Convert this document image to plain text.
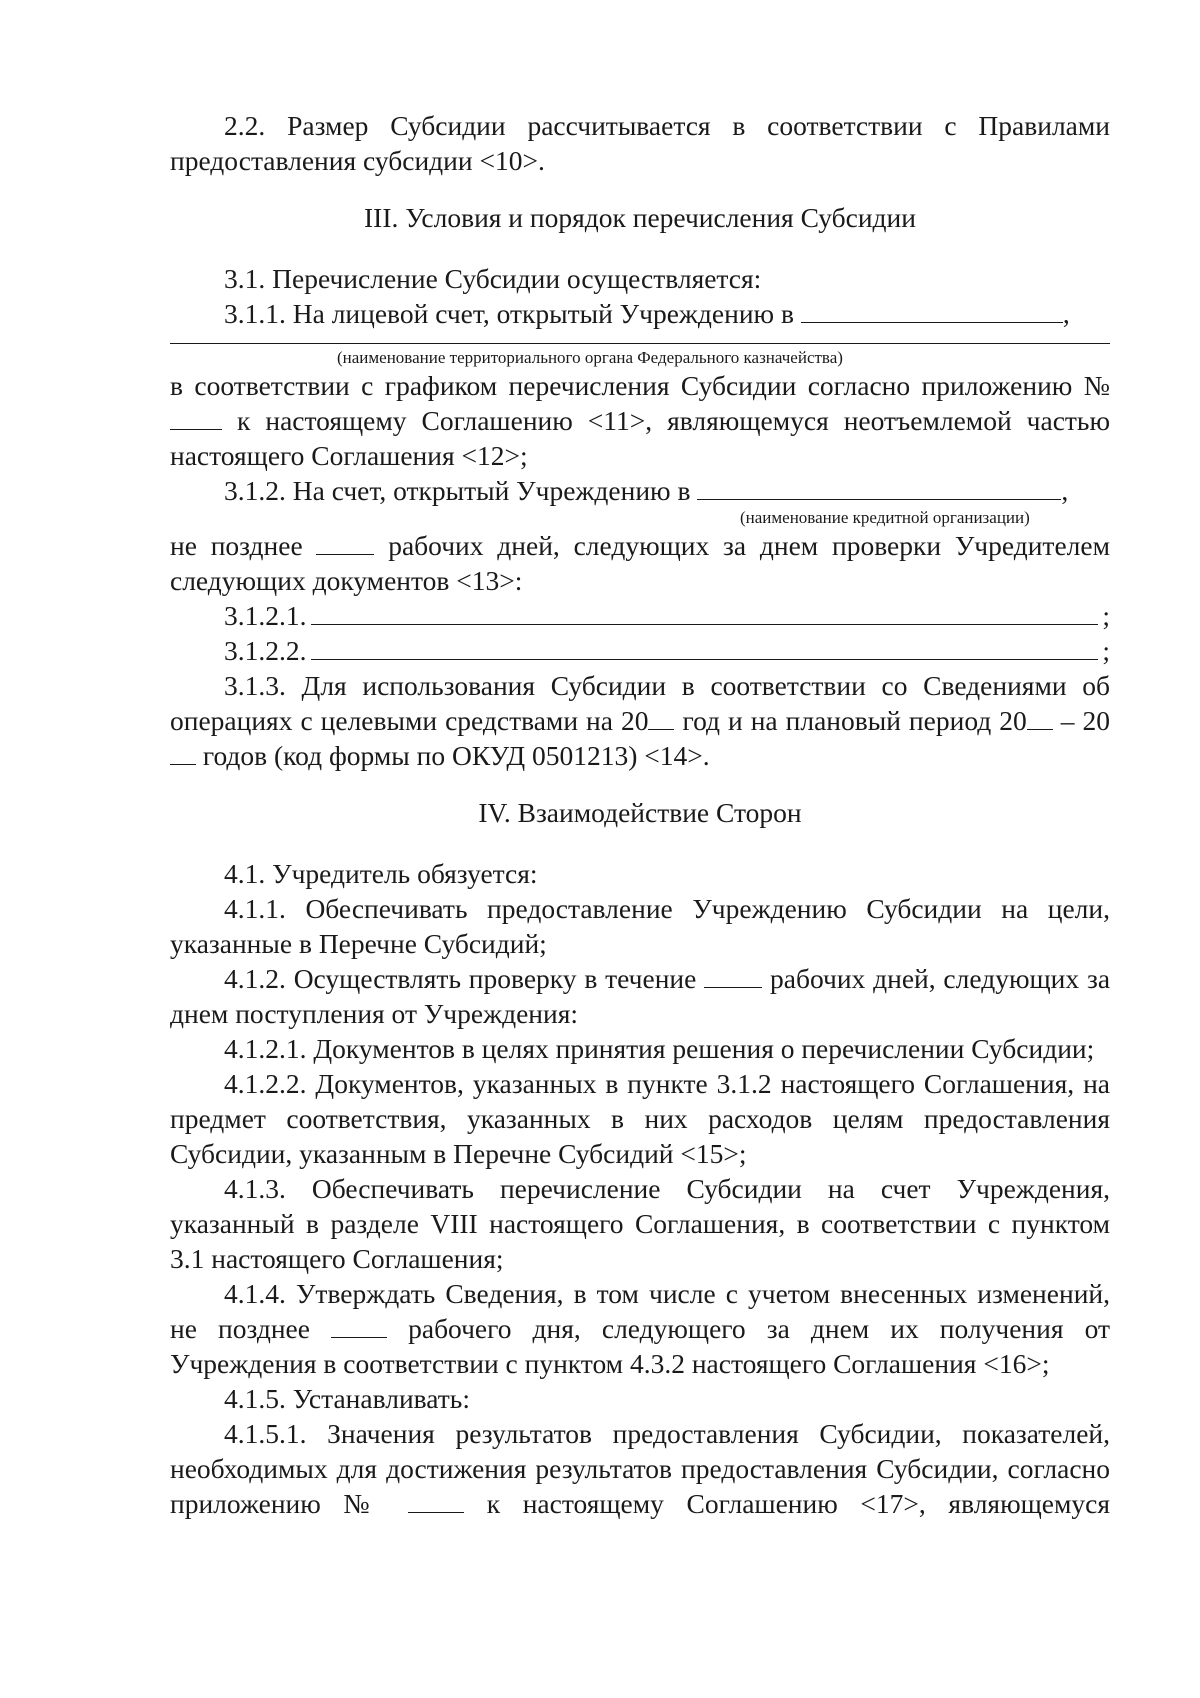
2.2. Размер Субсидии рассчитывается в соответствии с Правилами предоставления субсидии <10>.

III. Условия и порядок перечисления Субсидии

3.1. Перечисление Субсидии осуществляется:

3.1.1. На лицевой счет, открытый Учреждению в	,

(наименование территориального органа Федерального казначейства)

в соответствии с графиком перечисления Субсидии согласно приложению №  к настоящему Соглашению <11>, являющемуся неотъемлемой частью настоящего Соглашения <12>;

3.1.2. На счет, открытый Учреждению в	,

(наименование кредитной организации)

не позднее	рабочих дней, следующих за днем проверки Учредителем следующих документов <13>:

3.1.2.1.	;
3.1.2.2.	;

3.1.3. Для использования Субсидии в соответствии со Сведениями об операциях с целевыми средствами на 20 год и на плановый период 20 – 20 годов (код формы по ОКУД 0501213) <14>.

IV. Взаимодействие Сторон

4.1. Учредитель обязуется:

4.1.1. Обеспечивать предоставление Учреждению Субсидии на цели, указанные в Перечне Субсидий;

4.1.2. Осуществлять проверку в течение	рабочих дней, следующих за днем поступления от Учреждения:

4.1.2.1. Документов в целях принятия решения о перечислении Субсидии;

4.1.2.2. Документов, указанных в пункте 3.1.2 настоящего Соглашения, на предмет соответствия, указанных в них расходов целям предоставления Субсидии, указанным в Перечне Субсидий <15>;

4.1.3. Обеспечивать перечисление Субсидии на счет Учреждения, указанный в разделе VIII настоящего Соглашения, в соответствии с пунктом 3.1 настоящего Соглашения;

4.1.4. Утверждать Сведения, в том числе с учетом внесенных изменений, не позднее	рабочего дня, следующего за днем их получения от Учреждения в соответствии с пунктом 4.3.2 настоящего Соглашения <16>;

4.1.5. Устанавливать:

4.1.5.1. Значения результатов предоставления Субсидии, показателей, необходимых для достижения результатов предоставления Субсидии, согласно приложению №	к настоящему Соглашению <17>, являющемуся
